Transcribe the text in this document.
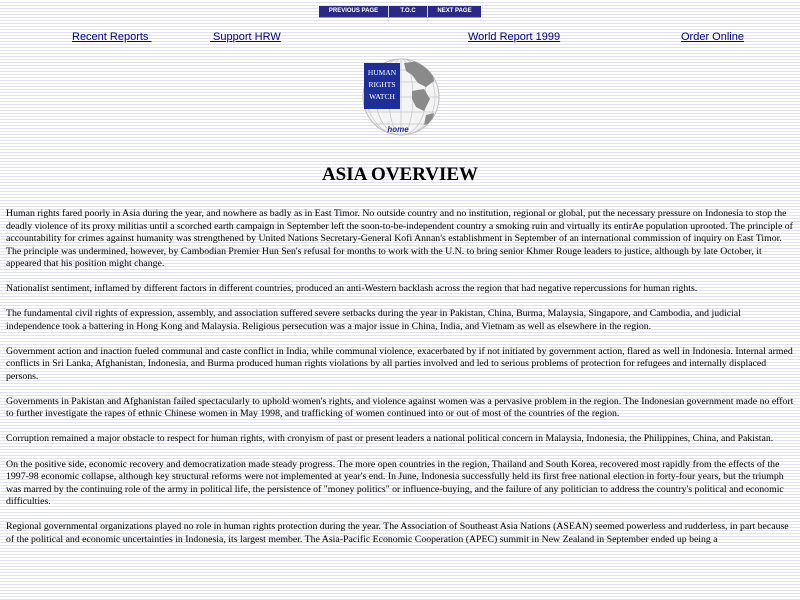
PREVIOUS PAGE	T.O.C	NEXT PAGE
Recent Reports	Support HRW	World Report 1999	Order Online
HUMAN
RIGHTS
WATCH
home
ASIA OVERVIEW

Human rights fared poorly in Asia during the year, and nowhere as badly as in East Timor. No outside country and no institution, regional or global, put the necessary pressure on Indonesia to stop the deadly violence of its proxy militias until a scorched earth campaign in September left the soon-to-be-independent country a smoking ruin and virtually its entirAe population uprooted. The principle of accountability for crimes against humanity was strengthened by United Nations Secretary-General Kofi Annan's establishment in September of an international commission of inquiry on East Timor. The principle was undermined, however, by Cambodian Premier Hun Sen's refusal for months to work with the U.N. to bring senior Khmer Rouge leaders to justice, although by late October, it appeared that his position might change.

Nationalist sentiment, inflamed by different factors in different countries, produced an anti-Western backlash across the region that had negative repercussions for human rights.

The fundamental civil rights of expression, assembly, and association suffered severe setbacks during the year in Pakistan, China, Burma, Malaysia, Singapore, and Cambodia, and judicial independence took a battering in Hong Kong and Malaysia. Religious persecution was a major issue in China, India, and Vietnam as well as elsewhere in the region.

Government action and inaction fueled communal and caste conflict in India, while communal violence, exacerbated by if not initiated by government action, flared as well in Indonesia. Internal armed conflicts in Sri Lanka, Afghanistan, Indonesia, and Burma produced human rights violations by all parties involved and led to serious problems of protection for refugees and internally displaced persons.

Governments in Pakistan and Afghanistan failed spectacularly to uphold women's rights, and violence against women was a pervasive problem in the region. The Indonesian government made no effort to further investigate the rapes of ethnic Chinese women in May 1998, and trafficking of women continued into or out of most of the countries of the region.

Corruption remained a major obstacle to respect for human rights, with cronyism of past or present leaders a national political concern in Malaysia, Indonesia, the Philippines, China, and Pakistan.

On the positive side, economic recovery and democratization made steady progress. The more open countries in the region, Thailand and South Korea, recovered most rapidly from the effects of the 1997-98 economic collapse, although key structural reforms were not implemented at year's end. In June, Indonesia successfully held its first free national election in forty-four years, but the triumph was marred by the continuing role of the army in political life, the persistence of "money politics" or influence-buying, and the failure of any politician to address the country's political and economic difficulties.

Regional governmental organizations played no role in human rights protection during the year. The Association of Southeast Asia Nations (ASEAN) seemed powerless and rudderless, in part because of the political and economic uncertainties in Indonesia, its largest member. The Asia-Pacific Economic Cooperation (APEC) summit in New Zealand in September ended up being a
